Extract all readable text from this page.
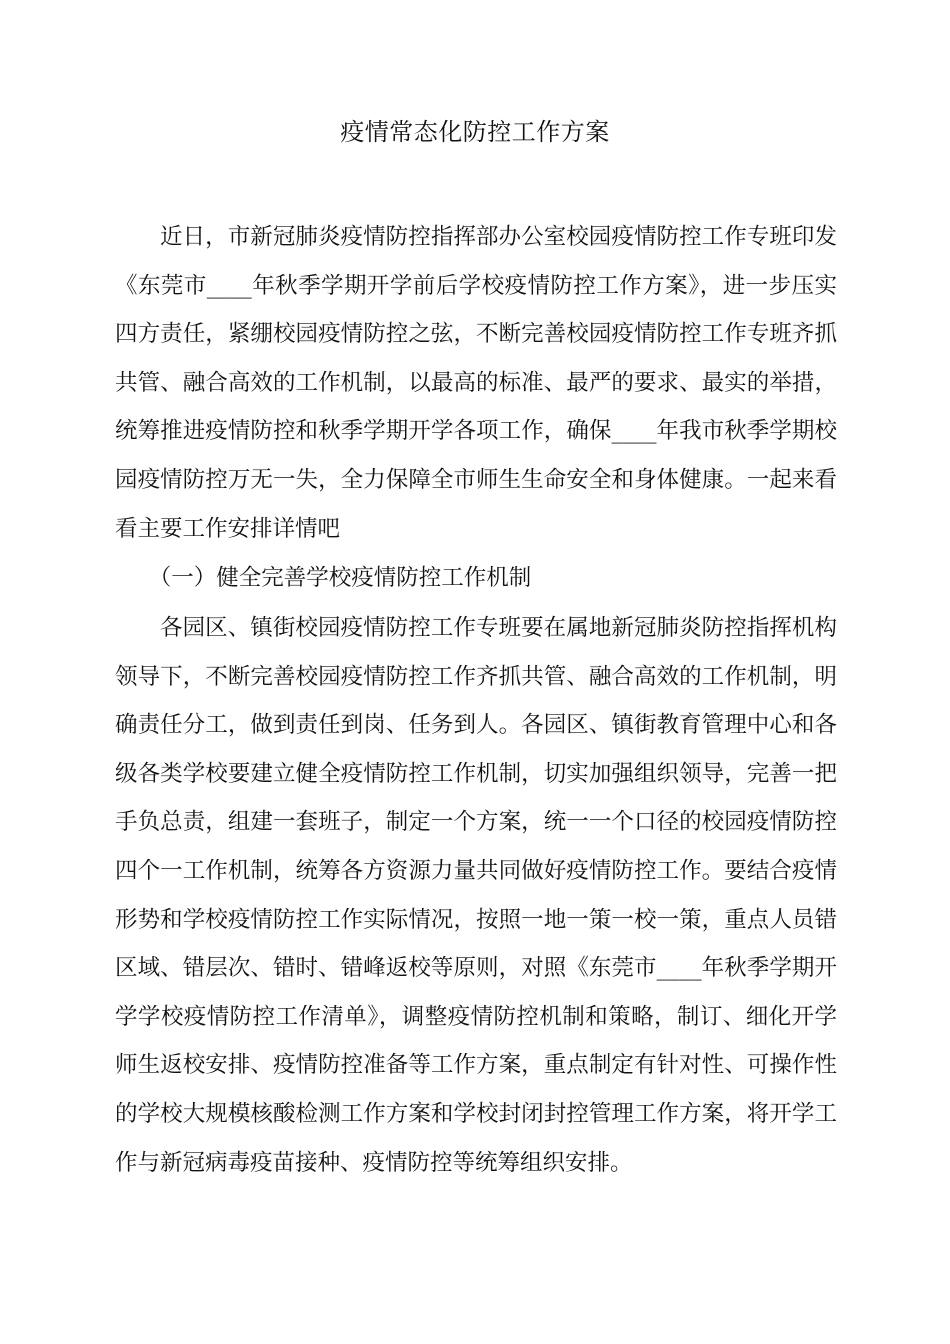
疫情常态化防控工作方案

近日，市新冠肺炎疫情防控指挥部办公室校园疫情防控工作专班印发《东莞市____年秋季学期开学前后学校疫情防控工作方案》，进一步压实四方责任，紧绷校园疫情防控之弦，不断完善校园疫情防控工作专班齐抓共管、融合高效的工作机制，以最高的标准、最严的要求、最实的举措，统筹推进疫情防控和秋季学期开学各项工作，确保____年我市秋季学期校园疫情防控万无一失，全力保障全市师生生命安全和身体健康。一起来看看主要工作安排详情吧

（一）健全完善学校疫情防控工作机制

各园区、镇街校园疫情防控工作专班要在属地新冠肺炎防控指挥机构领导下，不断完善校园疫情防控工作齐抓共管、融合高效的工作机制，明确责任分工，做到责任到岗、任务到人。各园区、镇街教育管理中心和各级各类学校要建立健全疫情防控工作机制，切实加强组织领导，完善一把手负总责，组建一套班子，制定一个方案，统一一个口径的校园疫情防控四个一工作机制，统筹各方资源力量共同做好疫情防控工作。要结合疫情形势和学校疫情防控工作实际情况，按照一地一策一校一策，重点人员错区域、错层次、错时、错峰返校等原则，对照《东莞市____年秋季学期开学学校疫情防控工作清单》，调整疫情防控机制和策略，制订、细化开学师生返校安排、疫情防控准备等工作方案，重点制定有针对性、可操作性的学校大规模核酸检测工作方案和学校封闭封控管理工作方案，将开学工作与新冠病毒疫苗接种、疫情防控等统筹组织安排。
